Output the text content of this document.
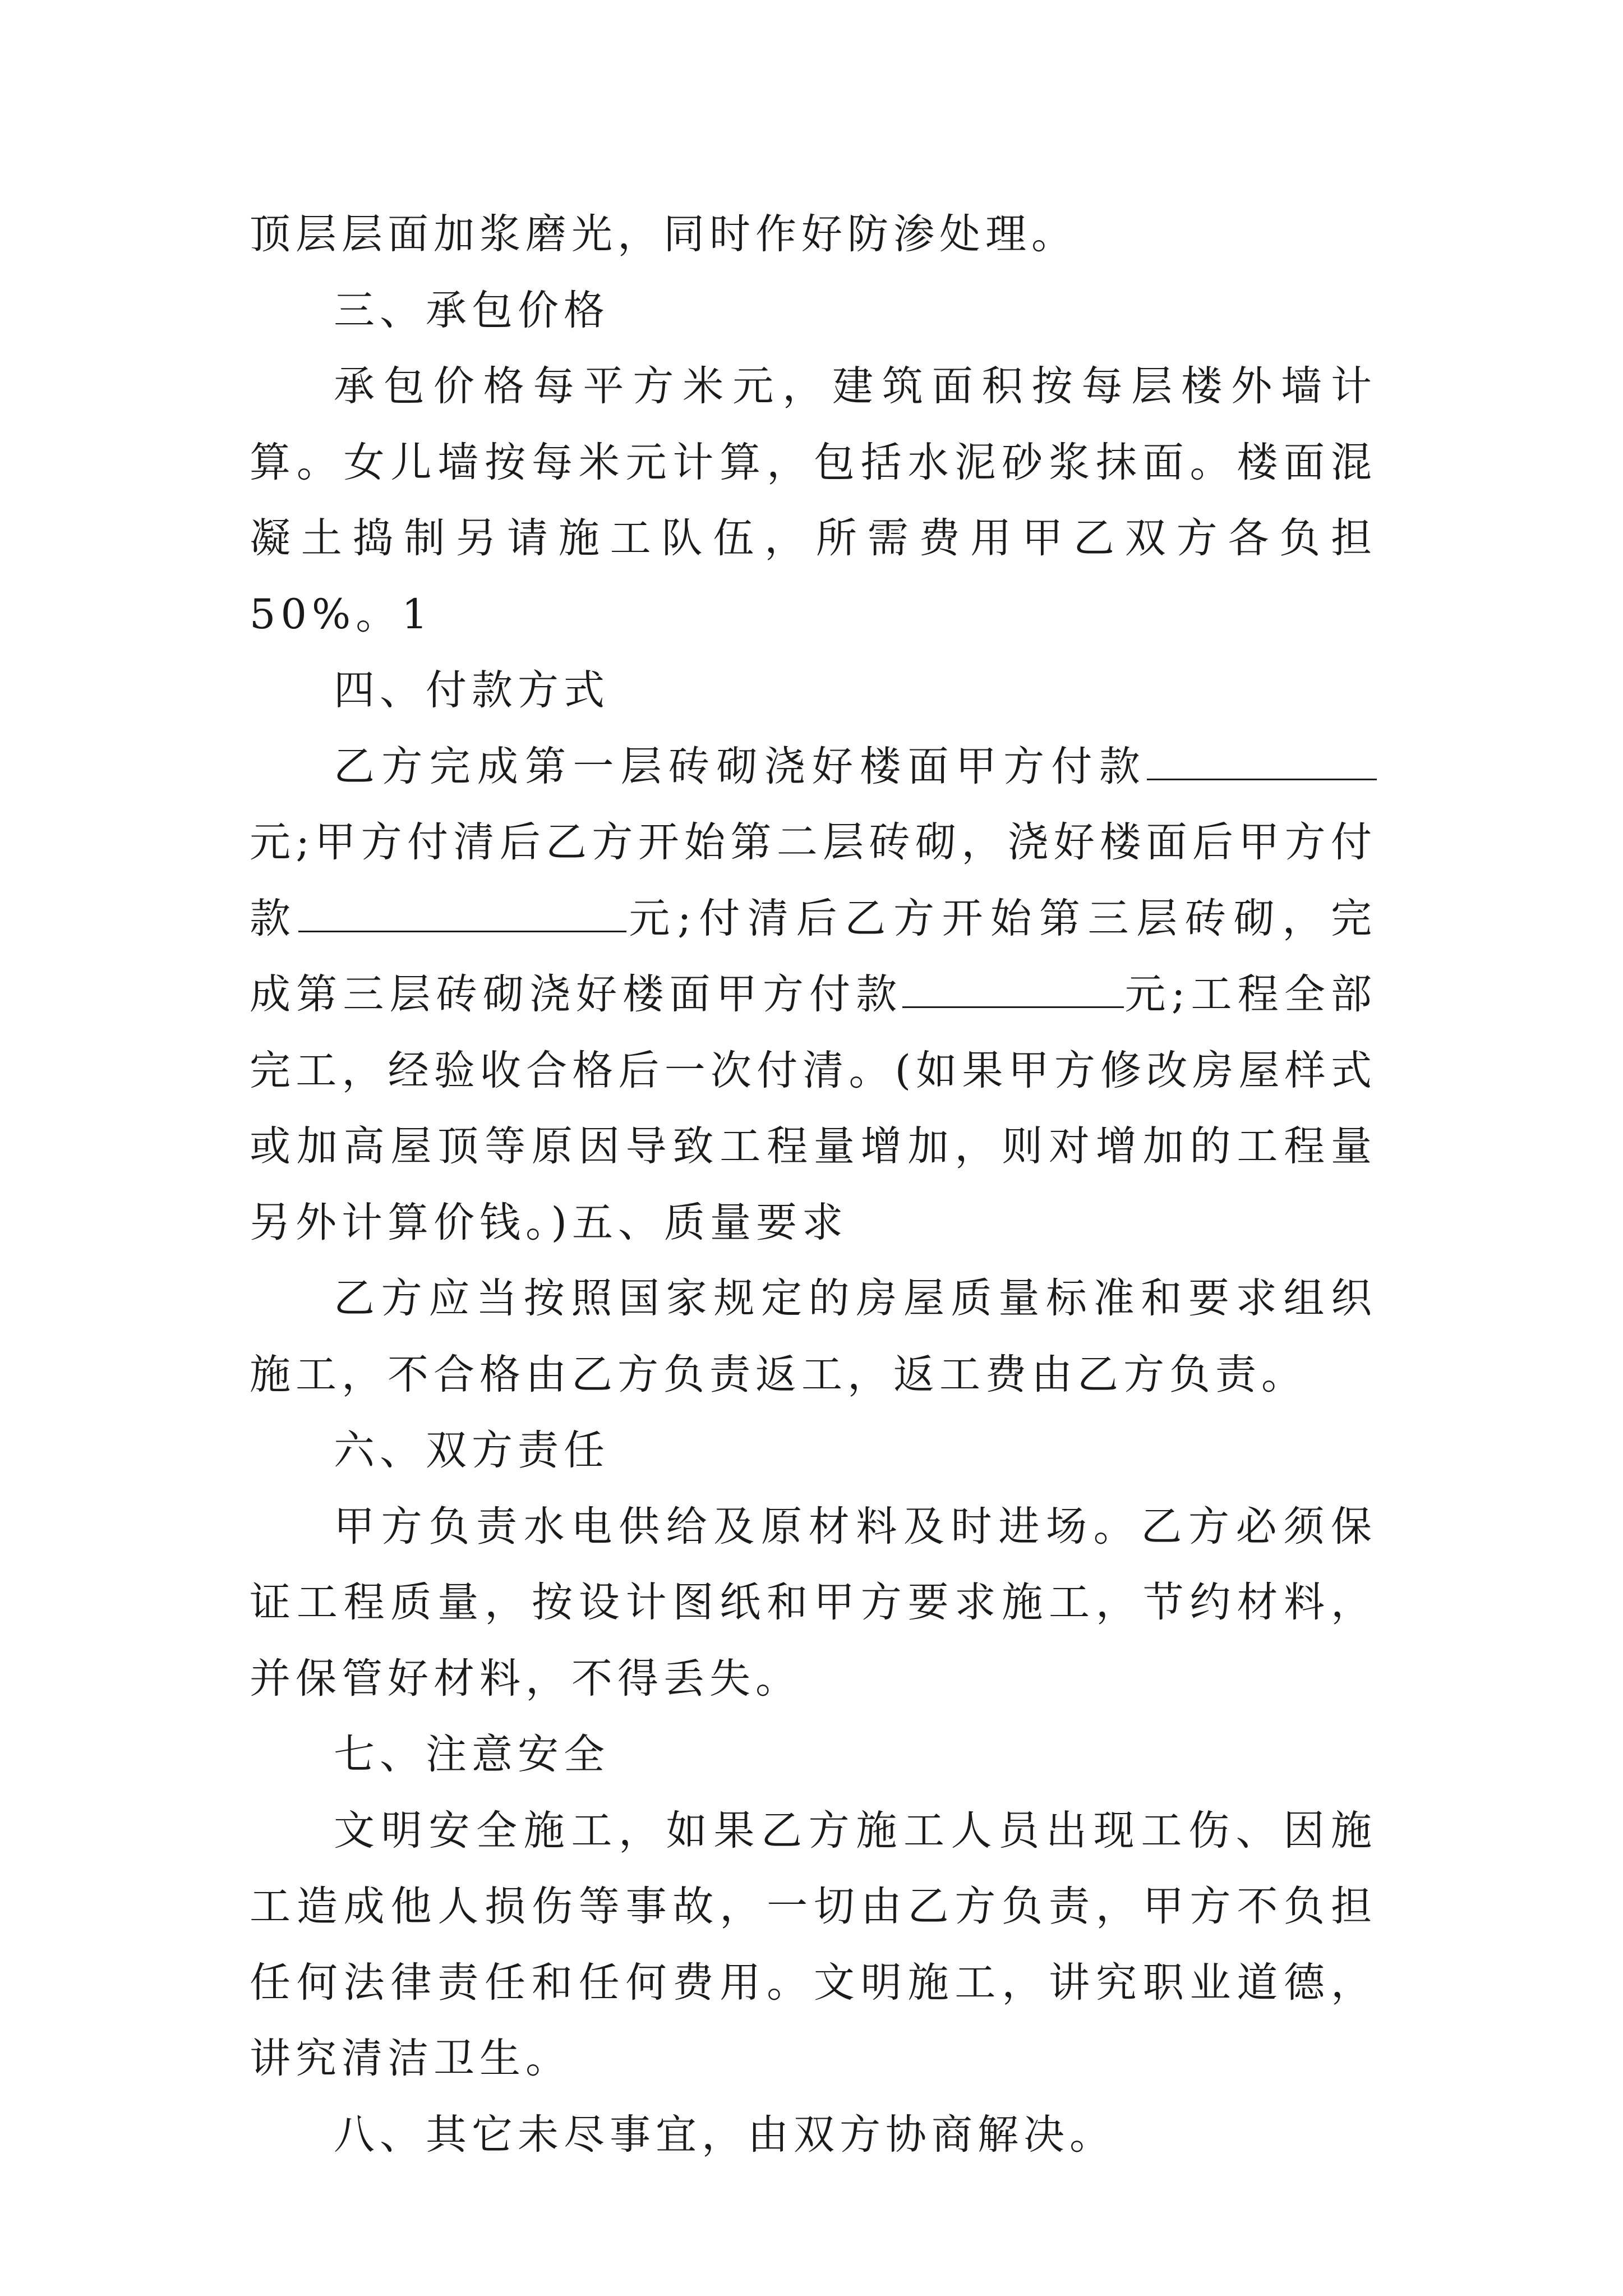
顶层层面加浆磨光，同时作好防渗处理。

三、承包价格

承包价格每平方米元，建筑面积按每层楼外墙计算。女儿墙按每米元计算，包括水泥砂浆抹面。楼面混凝土捣制另请施工队伍，所需费用甲乙双方各负担50%。1

四、付款方式

乙方完成第一层砖砌浇好楼面甲方付款元;甲方付清后乙方开始第二层砖砌，浇好楼面后甲方付款	元;付清后乙方开始第三层砖砌，完成第三层砖砌浇好楼面甲方付款	元;工程全部完工，经验收合格后一次付清。(如果甲方修改房屋样式或加高屋顶等原因导致工程量增加，则对增加的工程量另外计算价钱。)五、质量要求

乙方应当按照国家规定的房屋质量标准和要求组织施工，不合格由乙方负责返工，返工费由乙方负责。

六、双方责任

甲方负责水电供给及原材料及时进场。乙方必须保证工程质量，按设计图纸和甲方要求施工，节约材料，并保管好材料，不得丢失。

七、注意安全

文明安全施工，如果乙方施工人员出现工伤、因施工造成他人损伤等事故，一切由乙方负责，甲方不负担任何法律责任和任何费用。文明施工，讲究职业道德，讲究清洁卫生。

八、其它未尽事宜，由双方协商解决。
